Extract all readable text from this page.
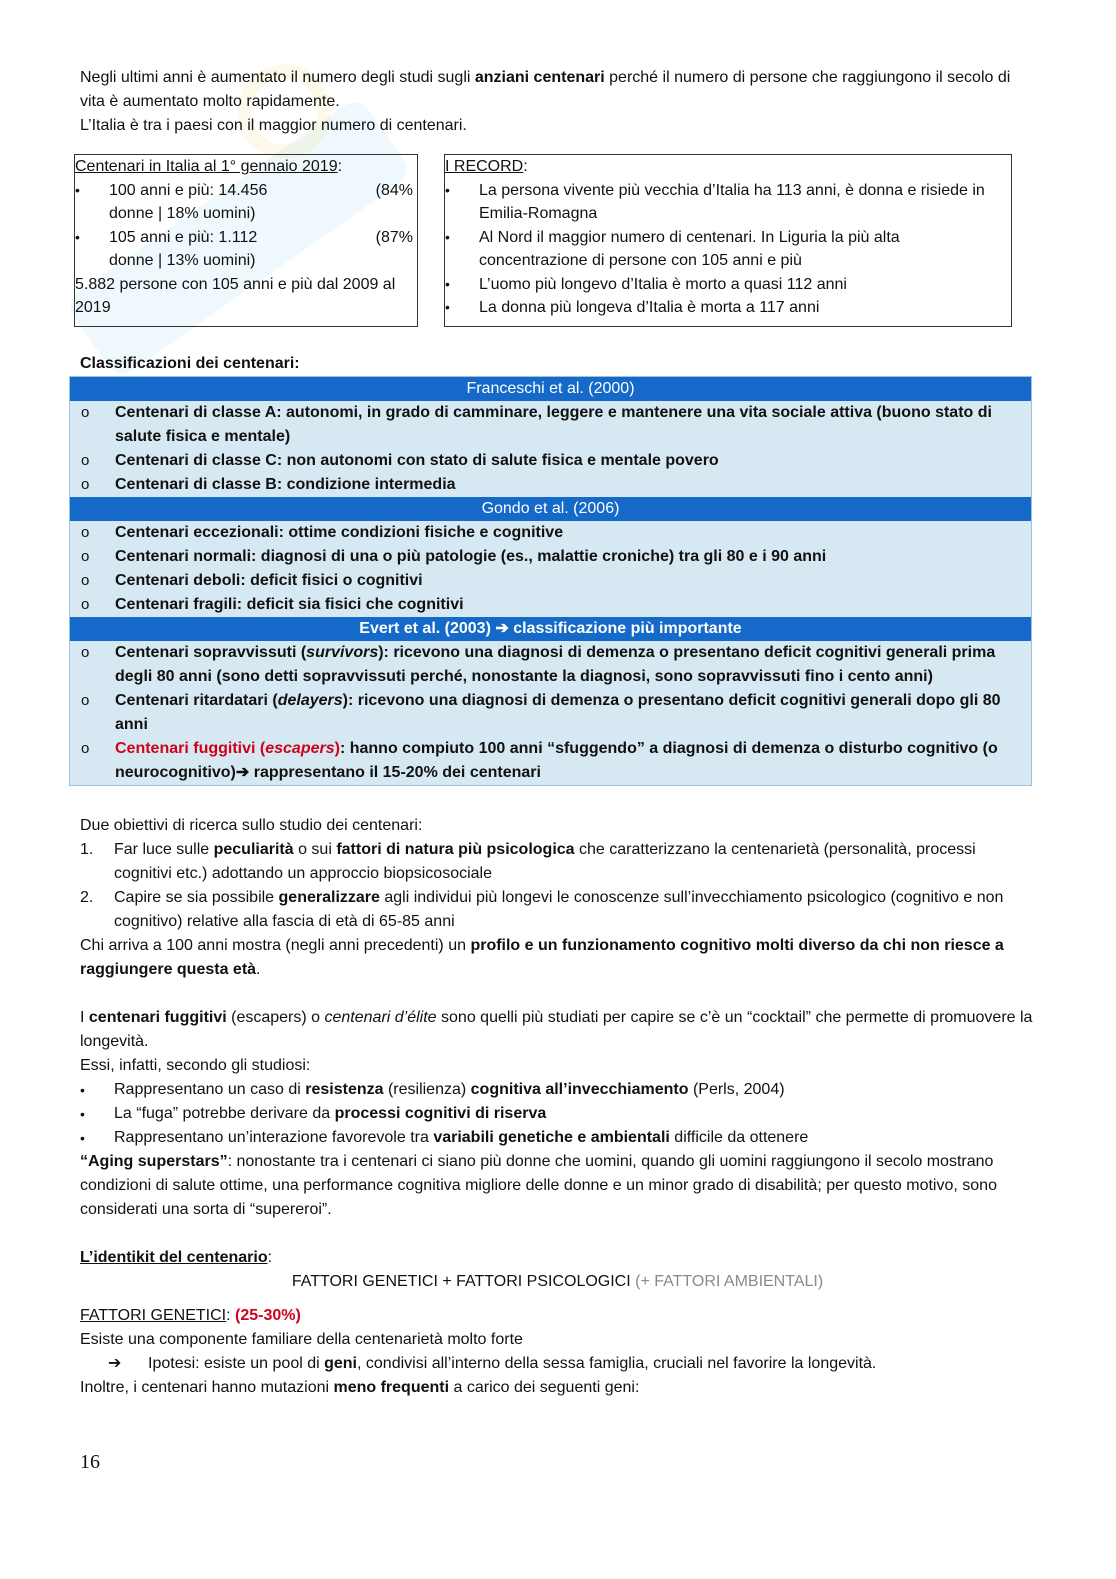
Negli ultimi anni è aumentato il numero degli studi sugli anziani centenari perché il numero di persone che raggiungono il secolo di vita è aumentato molto rapidamente.

L’Italia è tra i paesi con il maggior numero di centenari.

Centenari in Italia al 1° gennaio 2019:
•	100 anni e più: 14.456	(84%
donne | 18% uomini)
•	105 anni e più: 1.112	(87%
donne | 13% uomini)
5.882 persone con 105 anni e più dal 2009 al 2019
I RECORD:
•	La persona vivente più vecchia d’Italia ha 113 anni, è donna e risiede in Emilia-Romagna
•	Al Nord il maggior numero di centenari. In Liguria la più alta concentrazione di persone con 105 anni e più
•	L’uomo più longevo d’Italia è morto a quasi 112 anni
•	La donna più longeva d’Italia è morta a 117 anni

Classificazioni dei centenari:

Franceschi et al. (2000)
o	Centenari di classe A: autonomi, in grado di camminare, leggere e mantenere una vita sociale attiva (buono stato di salute fisica e mentale)
o	Centenari di classe C: non autonomi con stato di salute fisica e mentale povero
o	Centenari di classe B: condizione intermedia
Gondo et al. (2006)
o	Centenari eccezionali: ottime condizioni fisiche e cognitive
o	Centenari normali: diagnosi di una o più patologie (es., malattie croniche) tra gli 80 e i 90 anni
o	Centenari deboli: deficit fisici o cognitivi
o	Centenari fragili: deficit sia fisici che cognitivi
Evert et al. (2003) ➔ classificazione più importante
o	Centenari sopravvissuti (survivors): ricevono una diagnosi di demenza o presentano deficit cognitivi generali prima degli 80 anni (sono detti sopravvissuti perché, nonostante la diagnosi, sono sopravvissuti fino i cento anni)
o	Centenari ritardatari (delayers): ricevono una diagnosi di demenza o presentano deficit cognitivi generali dopo gli 80 anni
o	Centenari fuggitivi (escapers): hanno compiuto 100 anni “sfuggendo” a diagnosi di demenza o disturbo cognitivo (o neurocognitivo)➔ rappresentano il 15-20% dei centenari

Due obiettivi di ricerca sullo studio dei centenari:

1.	Far luce sulle peculiarità o sui fattori di natura più psicologica che caratterizzano la centenarietà (personalità, processi cognitivi etc.) adottando un approccio biopsicosociale
2.	Capire se sia possibile generalizzare agli individui più longevi le conoscenze sull’invecchiamento psicologico (cognitivo e non cognitivo) relative alla fascia di età di 65-85 anni

Chi arriva a 100 anni mostra (negli anni precedenti) un profilo e un funzionamento cognitivo molti diverso da chi non riesce a raggiungere questa età.

I centenari fuggitivi (escapers) o centenari d’élite sono quelli più studiati per capire se c’è un “cocktail” che permette di promuovere la longevità.

Essi, infatti, secondo gli studiosi:

•	Rappresentano un caso di resistenza (resilienza) cognitiva all’invecchiamento (Perls, 2004)
•	La “fuga” potrebbe derivare da processi cognitivi di riserva
•	Rappresentano un’interazione favorevole tra variabili genetiche e ambientali difficile da ottenere

“Aging superstars”: nonostante tra i centenari ci siano più donne che uomini, quando gli uomini raggiungono il secolo mostrano condizioni di salute ottime, una performance cognitiva migliore delle donne e un minor grado di disabilità; per questo motivo, sono considerati una sorta di “supereroi”.

L’identikit del centenario:

FATTORI GENETICI + FATTORI PSICOLOGICI (+ FATTORI AMBIENTALI)

FATTORI GENETICI: (25-30%)

Esiste una componente familiare della centenarietà molto forte

➔	Ipotesi: esiste un pool di geni, condivisi all’interno della sessa famiglia, cruciali nel favorire la longevità.

Inoltre, i centenari hanno mutazioni meno frequenti a carico dei seguenti geni:

16
